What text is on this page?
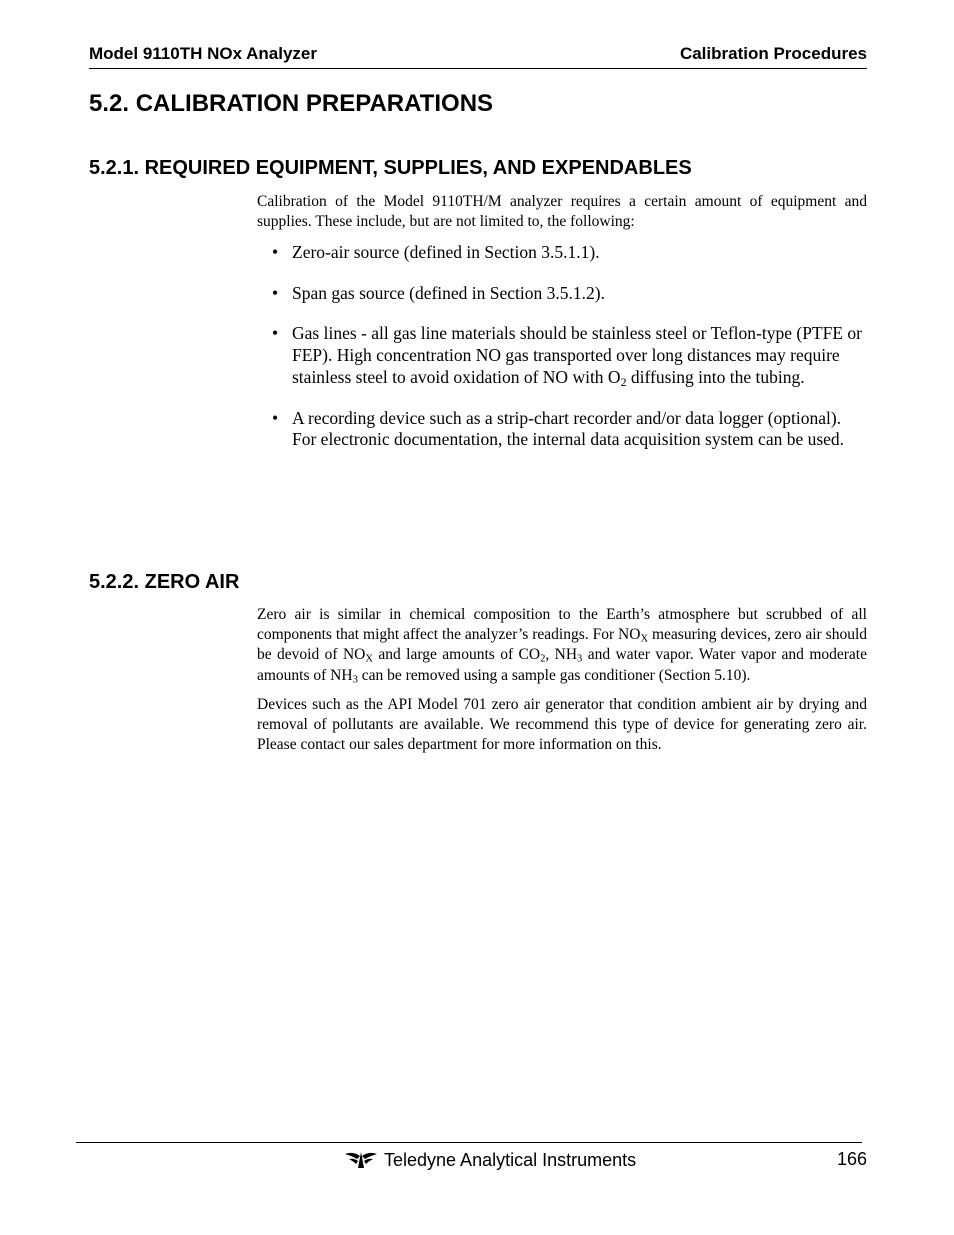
Model 9110TH NOx Analyzer	Calibration Procedures
5.2. CALIBRATION PREPARATIONS
5.2.1. REQUIRED EQUIPMENT, SUPPLIES, AND EXPENDABLES

Calibration of the Model 9110TH/M analyzer requires a certain amount of equipment and supplies. These include, but are not limited to, the following:

• Zero-air source (defined in Section 3.5.1.1).
• Span gas source (defined in Section 3.5.1.2).
• Gas lines - all gas line materials should be stainless steel or Teflon-type (PTFE or FEP). High concentration NO gas transported over long distances may require stainless steel to avoid oxidation of NO with $O_2$ diffusing into the tubing.
• A recording device such as a strip-chart recorder and/or data logger (optional). For electronic documentation, the internal data acquisition system can be used.
5.2.2. ZERO AIR

Zero air is similar in chemical composition to the Earth’s atmosphere but scrubbed of all components that might affect the analyzer’s readings. For $NO_X$ measuring devices, zero air should be devoid of $NO_X$ and large amounts of $CO_2$, $NH_3$ and water vapor. Water vapor and moderate amounts of $NH_3$ can be removed using a sample gas conditioner (Section 5.10).

Devices such as the API Model 701 zero air generator that condition ambient air by drying and removal of pollutants are available. We recommend this type of device for generating zero air. Please contact our sales department for more information on this.

Teledyne Analytical Instruments	166
